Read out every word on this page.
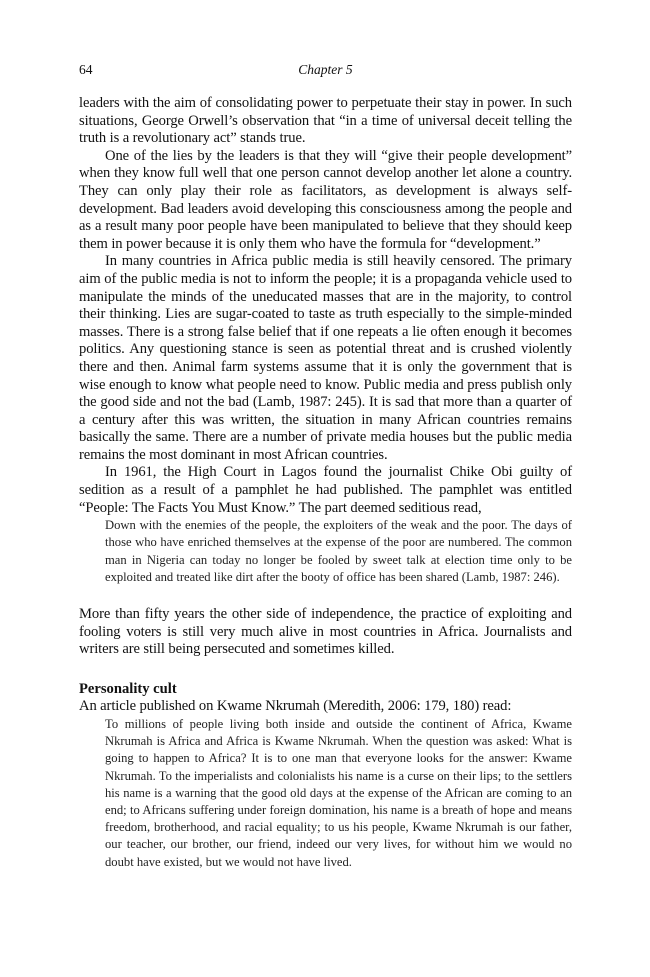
64	Chapter 5

leaders with the aim of consolidating power to perpetuate their stay in power. In such situations, George Orwell’s observation that “in a time of universal deceit telling the truth is a revolutionary act” stands true.

One of the lies by the leaders is that they will “give their people development” when they know full well that one person cannot develop another let alone a country. They can only play their role as facilitators, as development is always self-development. Bad leaders avoid developing this consciousness among the people and as a result many poor people have been manipulated to believe that they should keep them in power because it is only them who have the formula for “development.”

In many countries in Africa public media is still heavily censored. The primary aim of the public media is not to inform the people; it is a propaganda vehicle used to manipulate the minds of the uneducated masses that are in the majority, to control their thinking. Lies are sugar-coated to taste as truth especially to the simple-minded masses. There is a strong false belief that if one repeats a lie often enough it becomes politics. Any questioning stance is seen as potential threat and is crushed violently there and then. Animal farm systems assume that it is only the government that is wise enough to know what people need to know. Public media and press publish only the good side and not the bad (Lamb, 1987: 245). It is sad that more than a quarter of a century after this was written, the situation in many African countries remains basically the same. There are a number of private media houses but the public media remains the most dominant in most African countries.

In 1961, the High Court in Lagos found the journalist Chike Obi guilty of sedition as a result of a pamphlet he had published. The pamphlet was entitled “People: The Facts You Must Know.” The part deemed seditious read,

Down with the enemies of the people, the exploiters of the weak and the poor. The days of those who have enriched themselves at the expense of the poor are numbered. The common man in Nigeria can today no longer be fooled by sweet talk at election time only to be exploited and treated like dirt after the booty of office has been shared (Lamb, 1987: 246).

More than fifty years the other side of independence, the practice of exploiting and fooling voters is still very much alive in most countries in Africa. Journalists and writers are still being persecuted and sometimes killed.

Personality cult

An article published on Kwame Nkrumah (Meredith, 2006: 179, 180) read:

To millions of people living both inside and outside the continent of Africa, Kwame Nkrumah is Africa and Africa is Kwame Nkrumah. When the question was asked: What is going to happen to Africa? It is to one man that everyone looks for the answer: Kwame Nkrumah. To the imperialists and colonialists his name is a curse on their lips; to the settlers his name is a warning that the good old days at the expense of the African are coming to an end; to Africans suffering under foreign domination, his name is a breath of hope and means freedom, brotherhood, and racial equality; to us his people, Kwame Nkrumah is our father, our teacher, our brother, our friend, indeed our very lives, for without him we would no doubt have existed, but we would not have lived.
